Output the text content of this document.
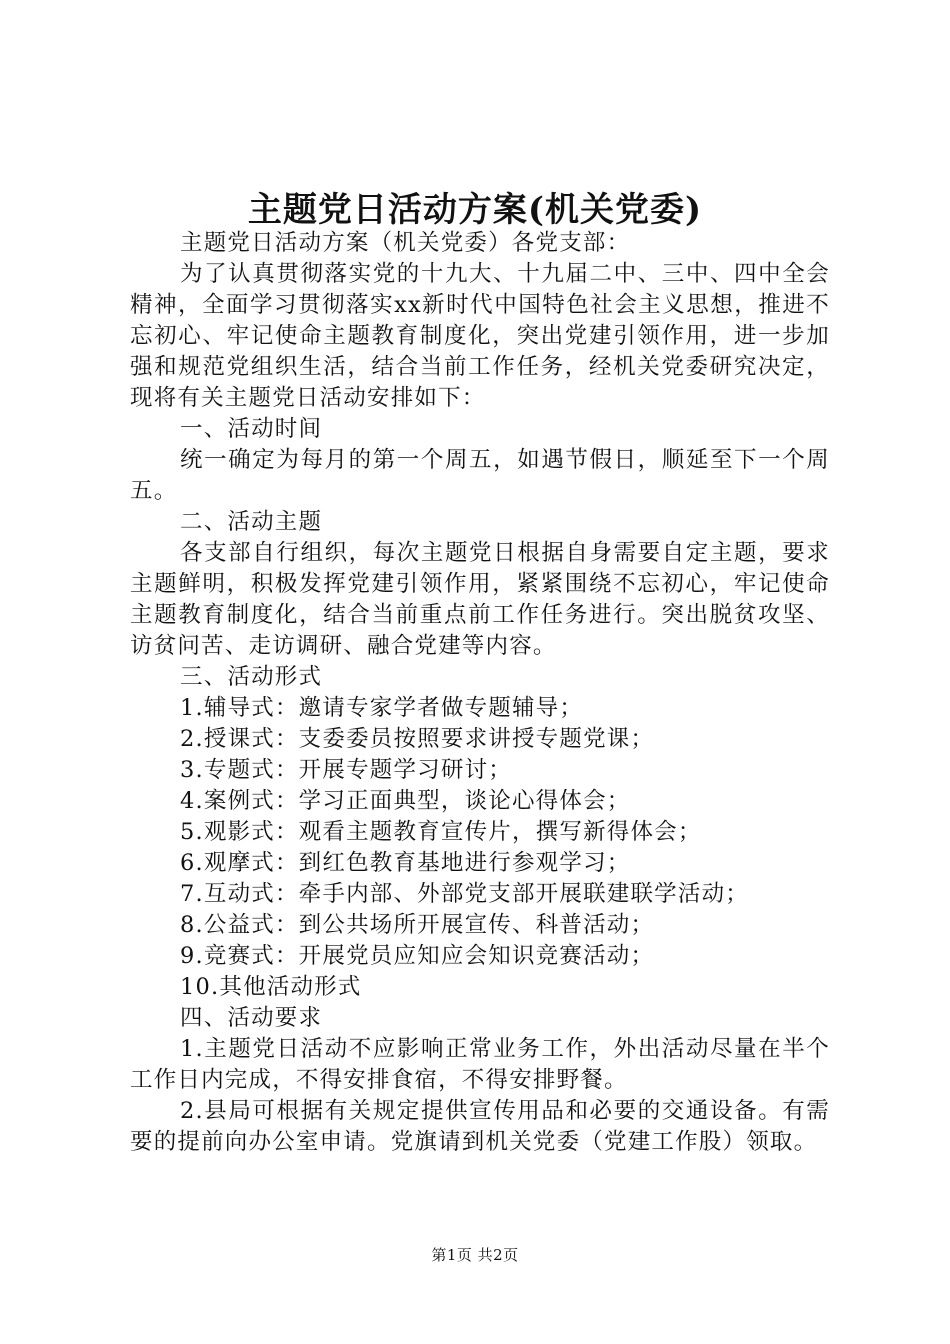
主题党日活动方案(机关党委)

主题党日活动方案（机关党委）各党支部：

为了认真贯彻落实党的十九大、十九届二中、三中、四中全会精神，全面学习贯彻落实xx新时代中国特色社会主义思想，推进不忘初心、牢记使命主题教育制度化，突出党建引领作用，进一步加强和规范党组织生活，结合当前工作任务，经机关党委研究决定，现将有关主题党日活动安排如下：

一、活动时间

统一确定为每月的第一个周五，如遇节假日，顺延至下一个周五。

二、活动主题

各支部自行组织，每次主题党日根据自身需要自定主题，要求主题鲜明，积极发挥党建引领作用，紧紧围绕不忘初心，牢记使命主题教育制度化，结合当前重点前工作任务进行。突出脱贫攻坚、访贫问苦、走访调研、融合党建等内容。

三、活动形式

1.辅导式：邀请专家学者做专题辅导；

2.授课式：支委委员按照要求讲授专题党课；

3.专题式：开展专题学习研讨；

4.案例式：学习正面典型，谈论心得体会；

5.观影式：观看主题教育宣传片，撰写新得体会；

6.观摩式：到红色教育基地进行参观学习；

7.互动式：牵手内部、外部党支部开展联建联学活动；

8.公益式：到公共场所开展宣传、科普活动；

9.竞赛式：开展党员应知应会知识竞赛活动；

10.其他活动形式

四、活动要求

1.主题党日活动不应影响正常业务工作，外出活动尽量在半个工作日内完成，不得安排食宿，不得安排野餐。

2.县局可根据有关规定提供宣传用品和必要的交通设备。有需要的提前向办公室申请。党旗请到机关党委（党建工作股）领取。

第1页 共2页
